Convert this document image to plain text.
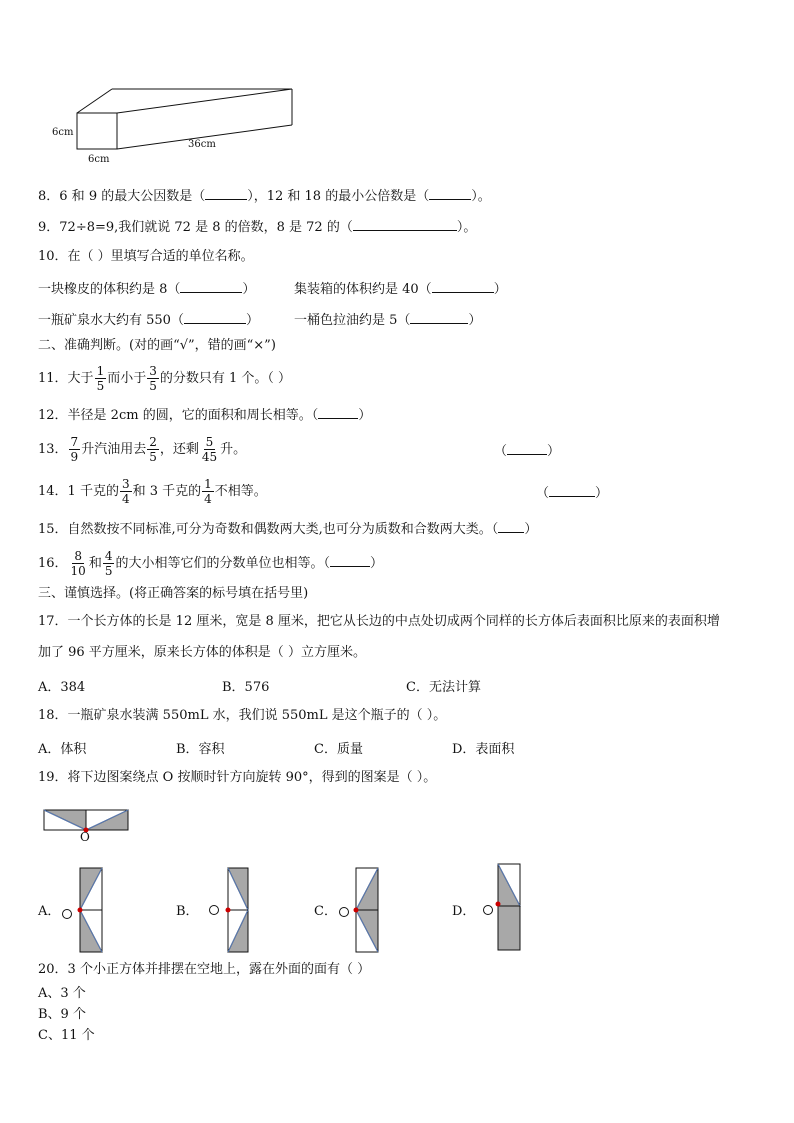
6cm
6cm
36cm
8．6 和 9 的最大公因数是（	），12 和 18 的最小公倍数是（	）。
9．72÷8=9,我们就说 72 是 8 的倍数，8 是 72 的（	）。
10．在（ ）里填写合适的单位名称。
一块橡皮的体积约是 8（	）	集装箱的体积约是 40（	）
一瓶矿泉水大约有 550（	）	一桶色拉油约是 5（	）
二、准确判断。(对的画“√”，错的画“×”)
11．大于 $\frac{1}{5}$ 而小于 $\frac{3}{5}$ 的分数只有 1 个。（ ）
12．半径是 2cm 的圆，它的面积和周长相等。（	）
13． $\frac{7}{9}$ 升汽油用去 $\frac{2}{5}$ ，还剩 $\frac{5}{45}$ 升。	（	）
14．1 千克的 $\frac{3}{4}$ 和 3 千克的 $\frac{1}{4}$ 不相等。	（	）
15．自然数按不同标准,可分为奇数和偶数两大类,也可分为质数和合数两大类。（ ）
16． $\frac{8}{10}$ 和 $\frac{4}{5}$ 的大小相等它们的分数单位也相等。（	）
三、谨慎选择。(将正确答案的标号填在括号里)
17．一个长方体的长是 12 厘米，宽是 8 厘米，把它从长边的中点处切成两个同样的长方体后表面积比原来的表面积增
加了 96 平方厘米，原来长方体的体积是（ ）立方厘米。
A．384	B．576	C．无法计算
18．一瓶矿泉水装满 550mL 水，我们说 550mL 是这个瓶子的（ ）。
A．体积	B．容积	C．质量	D．表面积
19．将下边图案绕点 O 按顺时针方向旋转 90°，得到的图案是（ ）。
O
A．	B．	C．	D．
20．3 个小正方体并排摆在空地上，露在外面的面有（ ）
A、3 个
B、9 个
C、11 个
